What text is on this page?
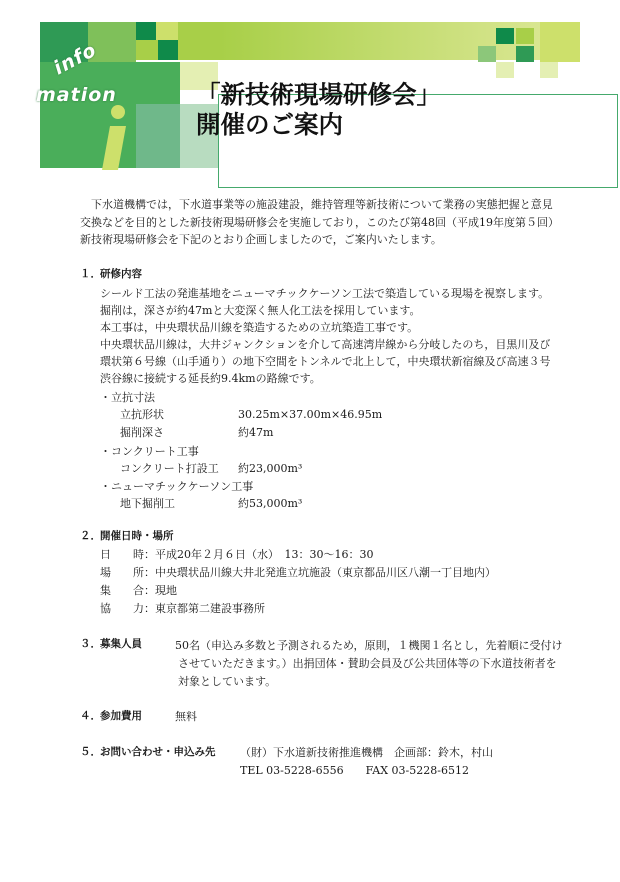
info
mation	「新技術現場研修会」
開催のご案内

下水道機構では，下水道事業等の施設建設，維持管理等新技術について業務の実態把握と意見
交換などを目的とした新技術現場研修会を実施しており，このたび第48回（平成19年度第５回）
新技術現場研修会を下記のとおり企画しましたので，ご案内いたします。

１．研修内容
シールド工法の発進基地をニューマチックケーソン工法で築造している現場を視察します。
掘削は，深さが約47mと大変深く無人化工法を採用しています。
本工事は，中央環状品川線を築造するための立坑築造工事です。
中央環状品川線は，大井ジャンクションを介して高速湾岸線から分岐したのち，目黒川及び
環状第６号線（山手通り）の地下空間をトンネルで北上して，中央環状新宿線及び高速３号
渋谷線に接続する延長約9.4kmの路線です。
・立抗寸法
立抗形状	30.25m×37.00m×46.95m
掘削深さ	約47m
・コンクリート工事
コンクリート打設工 約23,000m³
・ニューマチックケーソン工事
地下掘削工	約53,000m³
２．開催日時・場所
日　　時 ：平成20年２月６日（水）　13：30～16：30
場　　所 ：中央環状品川線大井北発進立坑施設（東京都品川区八潮一丁目地内）
集　　合 ：現地
協　　力 ：東京都第二建設事務所
３．募集人員	50名（申込み多数と予測されるため，原則，１機関１名とし，先着順に受付け
させていただきます。）出捐団体・賛助会員及び公共団体等の下水道技術者を
対象としています。
４．参加費用	無料
５．お問い合わせ・申込み先 （財）下水道新技術推進機構　企画部：鈴木，村山
TEL 03-5228-6556　　FAX 03-5228-6512
